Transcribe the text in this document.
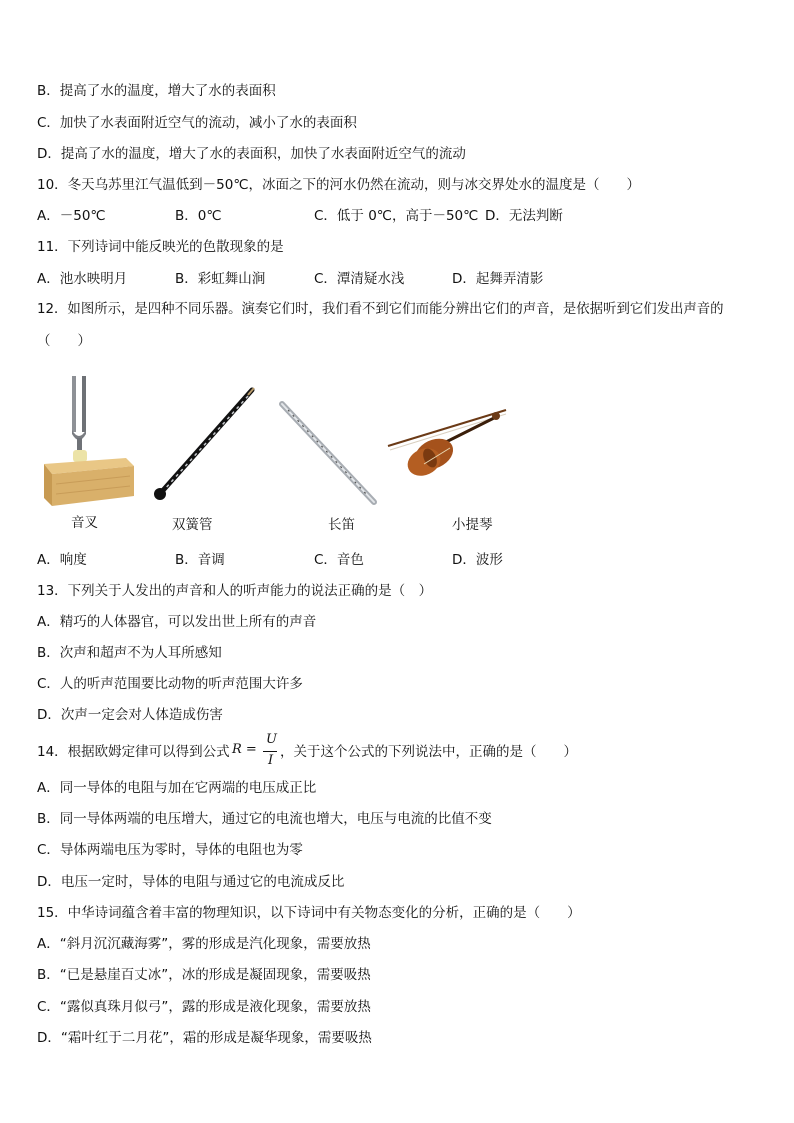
B．提高了水的温度，增大了水的表面积
C．加快了水表面附近空气的流动，减小了水的表面积
D．提高了水的温度，增大了水的表面积，加快了水表面附近空气的流动
10．冬天乌苏里江气温低到－50℃，冰面之下的河水仍然在流动，则与冰交界处水的温度是（　　）
A．－50℃	B．0℃	C．低于 0℃，高于－50℃ D．无法判断
11．下列诗词中能反映光的色散现象的是
A．池水映明月	B．彩虹舞山涧	C．潭清疑水浅	D．起舞弄清影
12．如图所示，是四种不同乐器。演奏它们时，我们看不到它们而能分辨出它们的声音，是依据听到它们发出声音的
（　　）
音叉	双簧管	长笛	小提琴
A．响度	B．音调	C．音色	D．波形
13．下列关于人发出的声音和人的听声能力的说法正确的是（　）
A．精巧的人体器官，可以发出世上所有的声音
B．次声和超声不为人耳所感知
C．人的听声范围要比动物的听声范围大许多
D．次声一定会对人体造成伤害
14．根据欧姆定律可以得到公式 R =
U
I
，关于这个公式的下列说法中，正确的是（　　）
A．同一导体的电阻与加在它两端的电压成正比
B．同一导体两端的电压增大，通过它的电流也增大，电压与电流的比值不变
C．导体两端电压为零时，导体的电阻也为零
D．电压一定时，导体的电阻与通过它的电流成反比
15．中华诗词蕴含着丰富的物理知识，以下诗词中有关物态变化的分析，正确的是（　　）
A．“斜月沉沉藏海雾”，雾的形成是汽化现象，需要放热
B．“已是悬崖百丈冰”，冰的形成是凝固现象，需要吸热
C．“露似真珠月似弓”，露的形成是液化现象，需要放热
D．“霜叶红于二月花”，霜的形成是凝华现象，需要吸热
